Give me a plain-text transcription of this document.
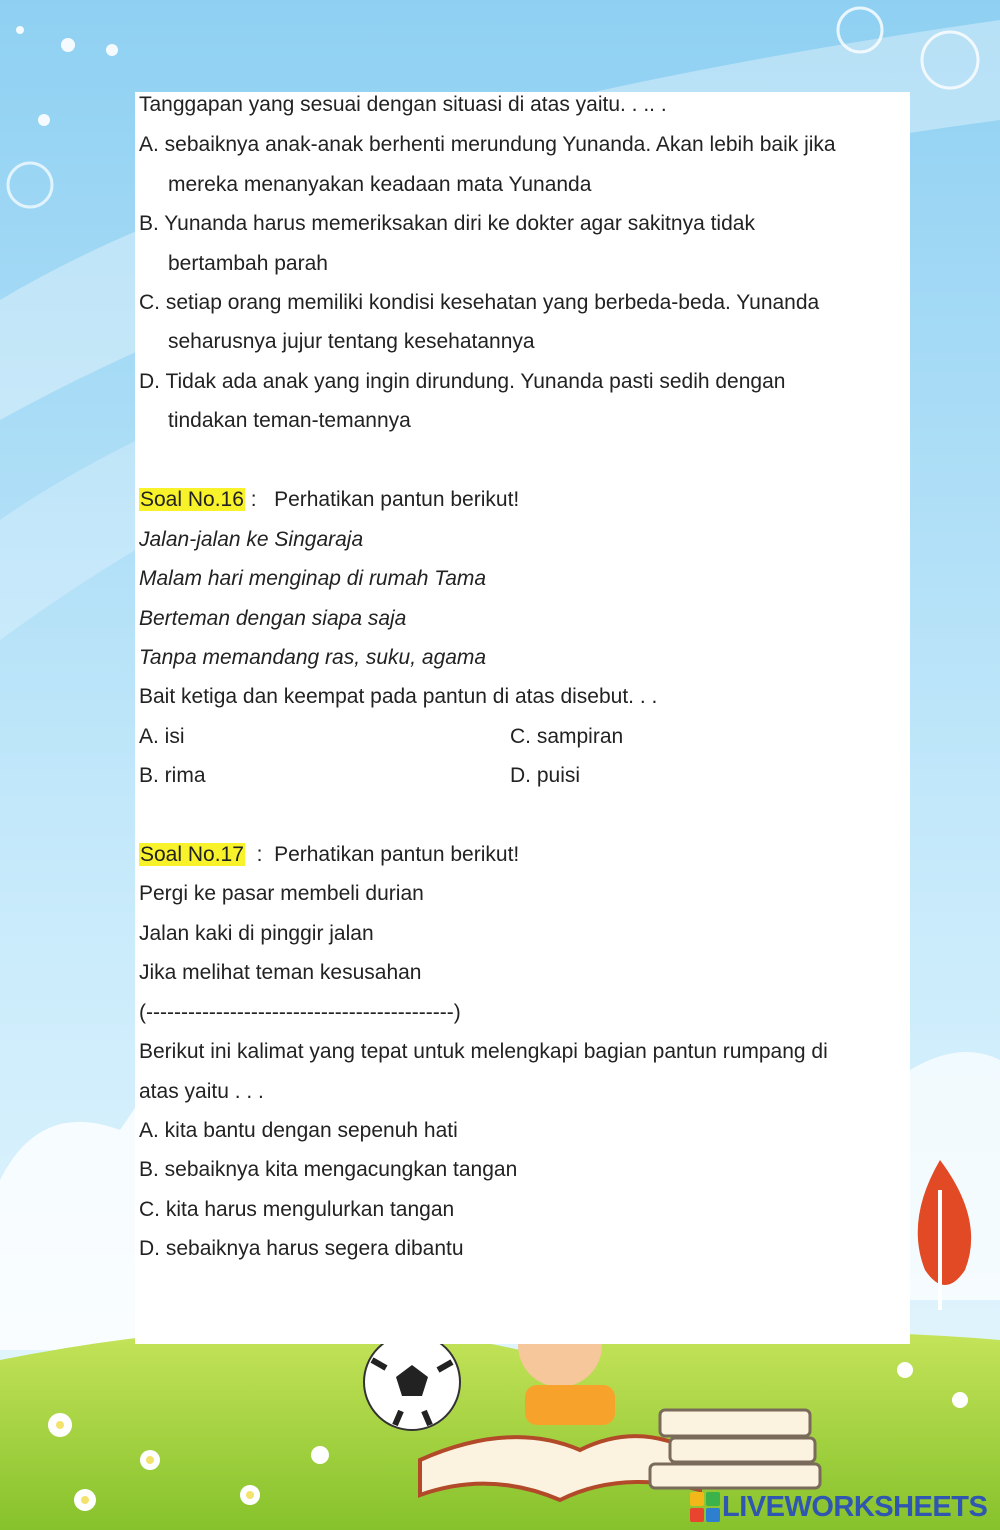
Tanggapan yang sesuai dengan situasi di atas yaitu. . .. .
A. sebaiknya anak-anak berhenti merundung Yunanda. Akan lebih baik jika
mereka menanyakan keadaan mata Yunanda
B. Yunanda harus memeriksakan diri ke dokter agar sakitnya tidak
bertambah parah
C. setiap orang memiliki kondisi kesehatan yang berbeda-beda. Yunanda
seharusnya jujur tentang kesehatannya
D. Tidak ada anak yang ingin dirundung. Yunanda pasti sedih dengan
tindakan teman-temannya
Soal No.16 :   Perhatikan pantun berikut!
Jalan-jalan ke Singaraja
Malam hari menginap di rumah Tama
Berteman dengan siapa saja
Tanpa memandang ras, suku, agama
Bait ketiga dan keempat pada pantun di atas disebut. . .
A. isi	C. sampiran
B. rima	D. puisi
Soal No.17  :  Perhatikan pantun berikut!
Pergi ke pasar membeli durian
Jalan kaki di pinggir jalan
Jika melihat teman kesusahan
(--------------------------------------------)
Berikut ini kalimat yang tepat untuk melengkapi bagian pantun rumpang di
atas yaitu . . .
A. kita bantu dengan sepenuh hati
B. sebaiknya kita mengacungkan tangan
C. kita harus mengulurkan tangan
D. sebaiknya harus segera dibantu
LIVEWORKSHEETS
